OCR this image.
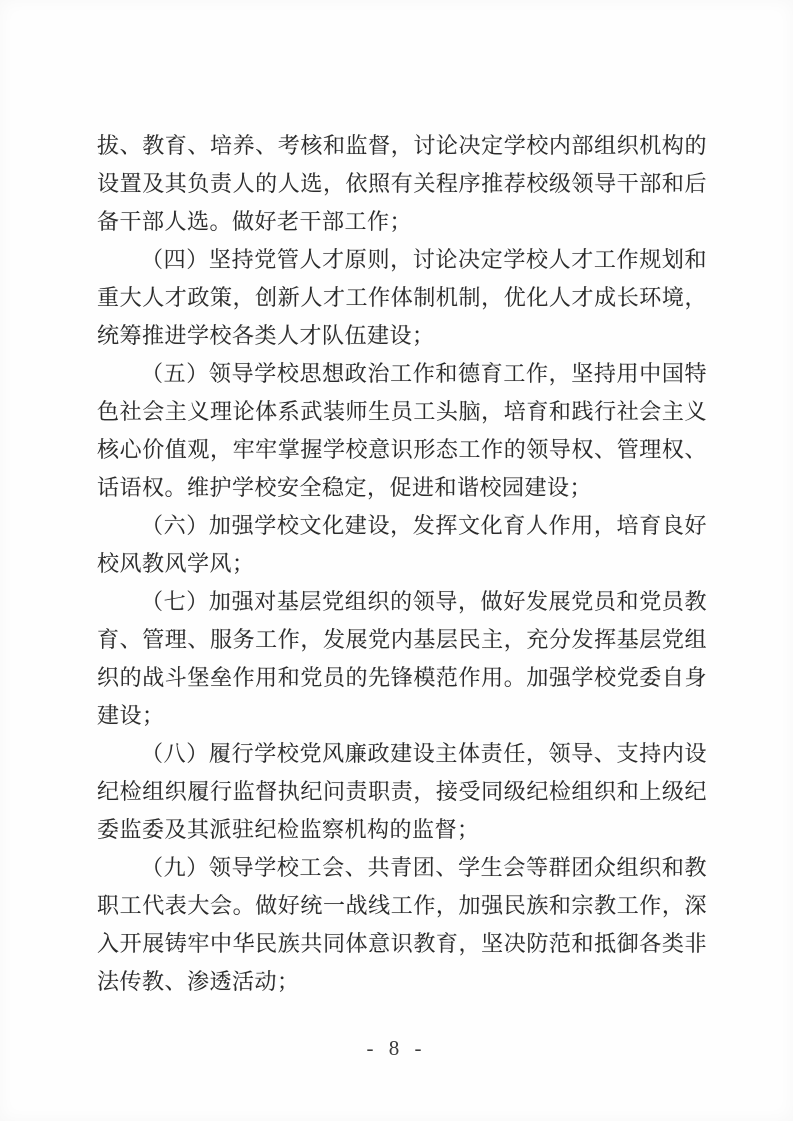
拔、教育、培养、考核和监督，讨论决定学校内部组织机构的设置及其负责人的人选，依照有关程序推荐校级领导干部和后备干部人选。做好老干部工作；

（四）坚持党管人才原则，讨论决定学校人才工作规划和重大人才政策，创新人才工作体制机制，优化人才成长环境，统筹推进学校各类人才队伍建设；

（五）领导学校思想政治工作和德育工作，坚持用中国特色社会主义理论体系武装师生员工头脑，培育和践行社会主义核心价值观，牢牢掌握学校意识形态工作的领导权、管理权、话语权。维护学校安全稳定，促进和谐校园建设；

（六）加强学校文化建设，发挥文化育人作用，培育良好校风教风学风；

（七）加强对基层党组织的领导，做好发展党员和党员教育、管理、服务工作，发展党内基层民主，充分发挥基层党组织的战斗堡垒作用和党员的先锋模范作用。加强学校党委自身建设；

（八）履行学校党风廉政建设主体责任，领导、支持内设纪检组织履行监督执纪问责职责，接受同级纪检组织和上级纪委监委及其派驻纪检监察机构的监督；

（九）领导学校工会、共青团、学生会等群团众组织和教职工代表大会。做好统一战线工作，加强民族和宗教工作，深入开展铸牢中华民族共同体意识教育，坚决防范和抵御各类非法传教、渗透活动；

- 8 -
